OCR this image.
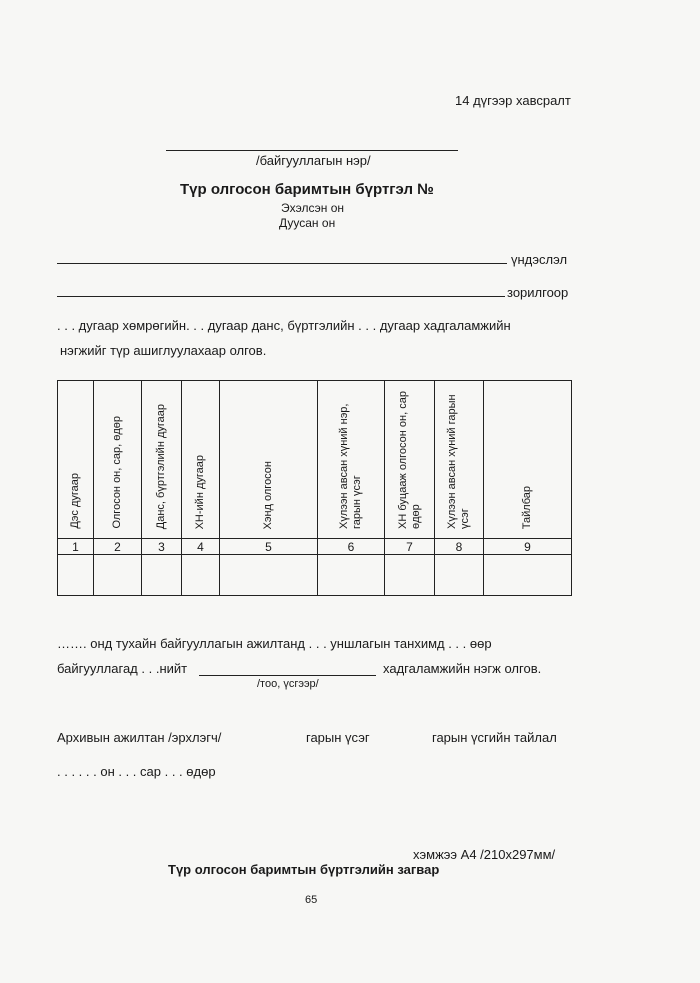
14 дүгээр хавсралт
/байгууллагын нэр/
Түр олгосон баримтын бүртгэл №
Эхэлсэн он
Дуусан он
үндэслэл
зорилгоор
. . . дугаар хөмрөгийн. . . дугаар данс, бүртгэлийн . . . дугаар хадгаламжийн
нэгжийг түр ашиглуулахаар олгов.
Дэс дугаар	Олгосон он, сар, өдөр	Данс, бүртгэлийн дугаар	ХН-ийн дугаар	Хэнд олгосон	Хүлээн авсан хүний нэр, гарын үсэг	ХН буцааж олгосон он, сар өдөр	Хүлээн авсан хүний гарын үсэг	Тайлбар
1	2	3	4	5	6	7	8	9

……. онд тухайн байгууллагын ажилтанд . . . уншлагын танхимд . . . өөр
байгууллагад . . .нийт	хадгаламжийн нэгж олгов.
/тоо, үсгээр/
Архивын ажилтан /эрхлэгч/	гарын үсэг	гарын үсгийн тайлал
. . . . . . он . . . сар . . . өдөр
хэмжээ А4 /210х297мм/
Түр олгосон баримтын бүртгэлийн загвар
65
